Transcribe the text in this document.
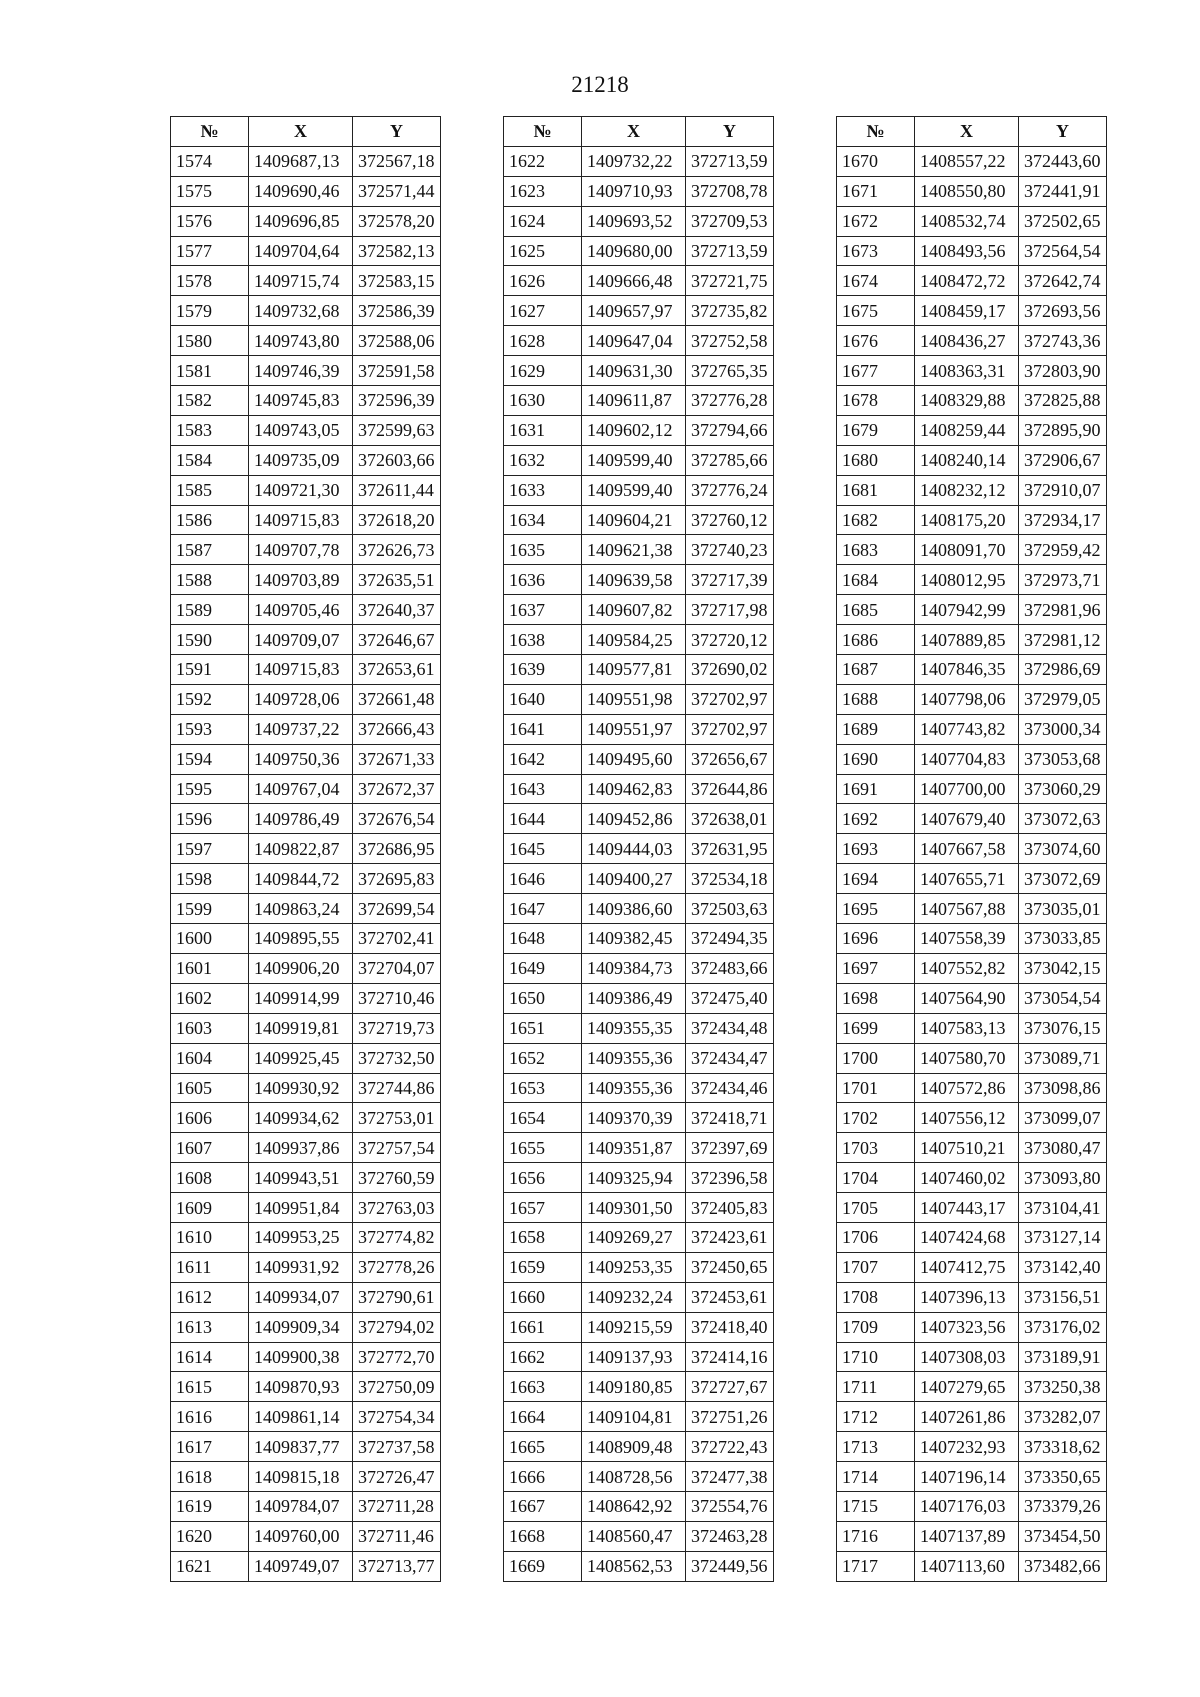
21218
№	X	Y
1574	1409687,13	372567,18
1575	1409690,46	372571,44
1576	1409696,85	372578,20
1577	1409704,64	372582,13
1578	1409715,74	372583,15
1579	1409732,68	372586,39
1580	1409743,80	372588,06
1581	1409746,39	372591,58
1582	1409745,83	372596,39
1583	1409743,05	372599,63
1584	1409735,09	372603,66
1585	1409721,30	372611,44
1586	1409715,83	372618,20
1587	1409707,78	372626,73
1588	1409703,89	372635,51
1589	1409705,46	372640,37
1590	1409709,07	372646,67
1591	1409715,83	372653,61
1592	1409728,06	372661,48
1593	1409737,22	372666,43
1594	1409750,36	372671,33
1595	1409767,04	372672,37
1596	1409786,49	372676,54
1597	1409822,87	372686,95
1598	1409844,72	372695,83
1599	1409863,24	372699,54
1600	1409895,55	372702,41
1601	1409906,20	372704,07
1602	1409914,99	372710,46
1603	1409919,81	372719,73
1604	1409925,45	372732,50
1605	1409930,92	372744,86
1606	1409934,62	372753,01
1607	1409937,86	372757,54
1608	1409943,51	372760,59
1609	1409951,84	372763,03
1610	1409953,25	372774,82
1611	1409931,92	372778,26
1612	1409934,07	372790,61
1613	1409909,34	372794,02
1614	1409900,38	372772,70
1615	1409870,93	372750,09
1616	1409861,14	372754,34
1617	1409837,77	372737,58
1618	1409815,18	372726,47
1619	1409784,07	372711,28
1620	1409760,00	372711,46
1621	1409749,07	372713,77
№	X	Y
1622	1409732,22	372713,59
1623	1409710,93	372708,78
1624	1409693,52	372709,53
1625	1409680,00	372713,59
1626	1409666,48	372721,75
1627	1409657,97	372735,82
1628	1409647,04	372752,58
1629	1409631,30	372765,35
1630	1409611,87	372776,28
1631	1409602,12	372794,66
1632	1409599,40	372785,66
1633	1409599,40	372776,24
1634	1409604,21	372760,12
1635	1409621,38	372740,23
1636	1409639,58	372717,39
1637	1409607,82	372717,98
1638	1409584,25	372720,12
1639	1409577,81	372690,02
1640	1409551,98	372702,97
1641	1409551,97	372702,97
1642	1409495,60	372656,67
1643	1409462,83	372644,86
1644	1409452,86	372638,01
1645	1409444,03	372631,95
1646	1409400,27	372534,18
1647	1409386,60	372503,63
1648	1409382,45	372494,35
1649	1409384,73	372483,66
1650	1409386,49	372475,40
1651	1409355,35	372434,48
1652	1409355,36	372434,47
1653	1409355,36	372434,46
1654	1409370,39	372418,71
1655	1409351,87	372397,69
1656	1409325,94	372396,58
1657	1409301,50	372405,83
1658	1409269,27	372423,61
1659	1409253,35	372450,65
1660	1409232,24	372453,61
1661	1409215,59	372418,40
1662	1409137,93	372414,16
1663	1409180,85	372727,67
1664	1409104,81	372751,26
1665	1408909,48	372722,43
1666	1408728,56	372477,38
1667	1408642,92	372554,76
1668	1408560,47	372463,28
1669	1408562,53	372449,56
№	X	Y
1670	1408557,22	372443,60
1671	1408550,80	372441,91
1672	1408532,74	372502,65
1673	1408493,56	372564,54
1674	1408472,72	372642,74
1675	1408459,17	372693,56
1676	1408436,27	372743,36
1677	1408363,31	372803,90
1678	1408329,88	372825,88
1679	1408259,44	372895,90
1680	1408240,14	372906,67
1681	1408232,12	372910,07
1682	1408175,20	372934,17
1683	1408091,70	372959,42
1684	1408012,95	372973,71
1685	1407942,99	372981,96
1686	1407889,85	372981,12
1687	1407846,35	372986,69
1688	1407798,06	372979,05
1689	1407743,82	373000,34
1690	1407704,83	373053,68
1691	1407700,00	373060,29
1692	1407679,40	373072,63
1693	1407667,58	373074,60
1694	1407655,71	373072,69
1695	1407567,88	373035,01
1696	1407558,39	373033,85
1697	1407552,82	373042,15
1698	1407564,90	373054,54
1699	1407583,13	373076,15
1700	1407580,70	373089,71
1701	1407572,86	373098,86
1702	1407556,12	373099,07
1703	1407510,21	373080,47
1704	1407460,02	373093,80
1705	1407443,17	373104,41
1706	1407424,68	373127,14
1707	1407412,75	373142,40
1708	1407396,13	373156,51
1709	1407323,56	373176,02
1710	1407308,03	373189,91
1711	1407279,65	373250,38
1712	1407261,86	373282,07
1713	1407232,93	373318,62
1714	1407196,14	373350,65
1715	1407176,03	373379,26
1716	1407137,89	373454,50
1717	1407113,60	373482,66
